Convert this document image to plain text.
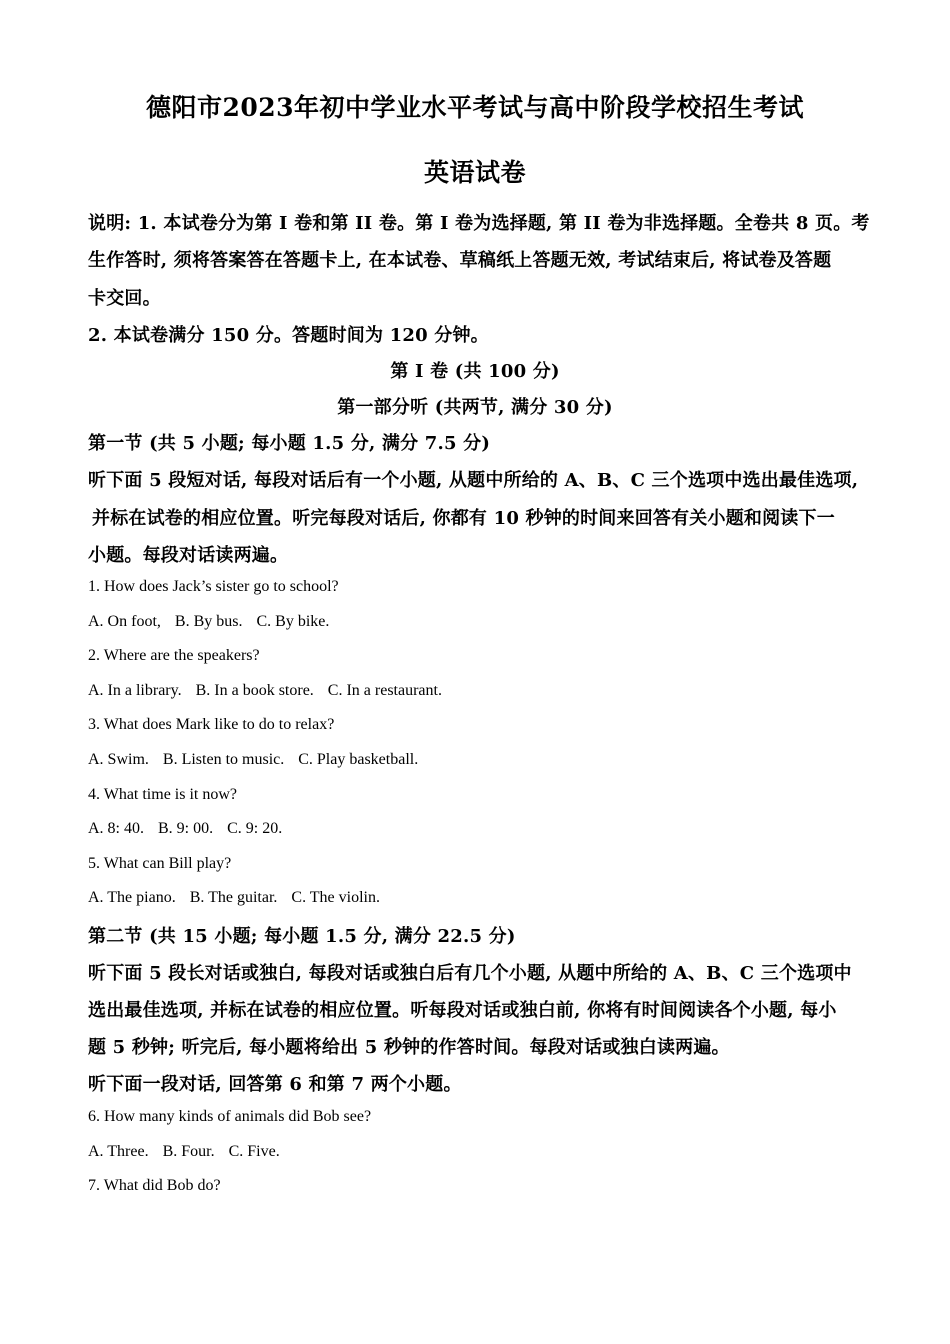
德阳市2023年初中学业水平考试与高中阶段学校招生考试
英语试卷
说明: 1. 本试卷分为第 I 卷和第 II 卷。第 I 卷为选择题, 第 II 卷为非选择题。全卷共 8 页。考
生作答时, 须将答案答在答题卡上, 在本试卷、草稿纸上答题无效, 考试结束后, 将试卷及答题
卡交回。
2. 本试卷满分 150 分。答题时间为 120 分钟。
第 I 卷 (共 100 分)
第一部分听 (共两节, 满分 30 分)
第一节 (共 5 小题; 每小题 1.5 分, 满分 7.5 分)
听下面 5 段短对话, 每段对话后有一个小题, 从题中所给的 A、B、C 三个选项中选出最佳选项,
并标在试卷的相应位置。听完每段对话后, 你都有 10 秒钟的时间来回答有关小题和阅读下一
小题。每段对话读两遍。
1. How does Jack’s sister go to school?
A. On foot, B. By bus. C. By bike.
2. Where are the speakers?
A. In a library. B. In a book store. C. In a restaurant.
3. What does Mark like to do to relax?
A. Swim. B. Listen to music. C. Play basketball.
4. What time is it now?
A. 8: 40. B. 9: 00. C. 9: 20.
5. What can Bill play?
A. The piano. B. The guitar. C. The violin.
第二节 (共 15 小题; 每小题 1.5 分, 满分 22.5 分)
听下面 5 段长对话或独白, 每段对话或独白后有几个小题, 从题中所给的 A、B、C 三个选项中
选出最佳选项, 并标在试卷的相应位置。听每段对话或独白前, 你将有时间阅读各个小题, 每小
题 5 秒钟; 听完后, 每小题将给出 5 秒钟的作答时间。每段对话或独白读两遍。
听下面一段对话, 回答第 6 和第 7 两个小题。
6. How many kinds of animals did Bob see?
A. Three. B. Four. C. Five.
7. What did Bob do?
